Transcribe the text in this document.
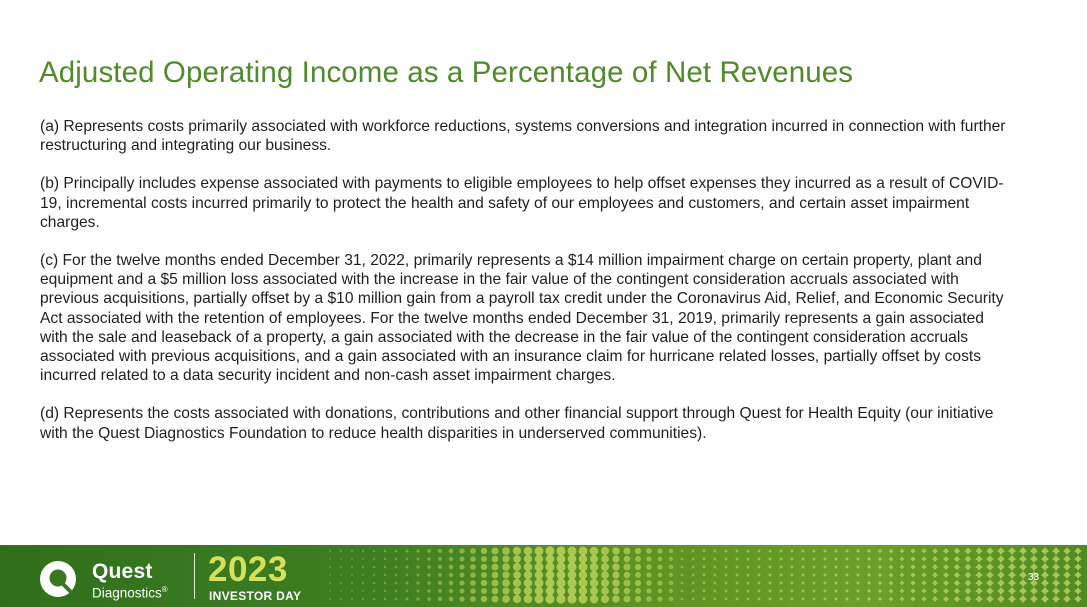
Adjusted Operating Income as a Percentage of Net Revenues

(a) Represents costs primarily associated with workforce reductions, systems conversions and integration incurred in connection with further restructuring and integrating our business.

(b) Principally includes expense associated with payments to eligible employees to help offset expenses they incurred as a result of COVID-19, incremental costs incurred primarily to protect the health and safety of our employees and customers, and certain asset impairment charges.

(c) For the twelve months ended December 31, 2022, primarily represents a $14 million impairment charge on certain property, plant and equipment and a $5 million loss associated with the increase in the fair value of the contingent consideration accruals associated with previous acquisitions, partially offset by a $10 million gain from a payroll tax credit under the Coronavirus Aid, Relief, and Economic Security Act associated with the retention of employees. For the twelve months ended December 31, 2019, primarily represents a gain associated with the sale and leaseback of a property, a gain associated with the decrease in the fair value of the contingent consideration accruals associated with previous acquisitions, and a gain associated with an insurance claim for hurricane related losses, partially offset by costs incurred related to a data security incident and non-cash asset impairment charges.

(d) Represents the costs associated with donations, contributions and other financial support through Quest for Health Equity (our initiative with the Quest Diagnostics Foundation to reduce health disparities in underserved communities).

Quest
Diagnostics®
2023
INVESTOR DAY
33
